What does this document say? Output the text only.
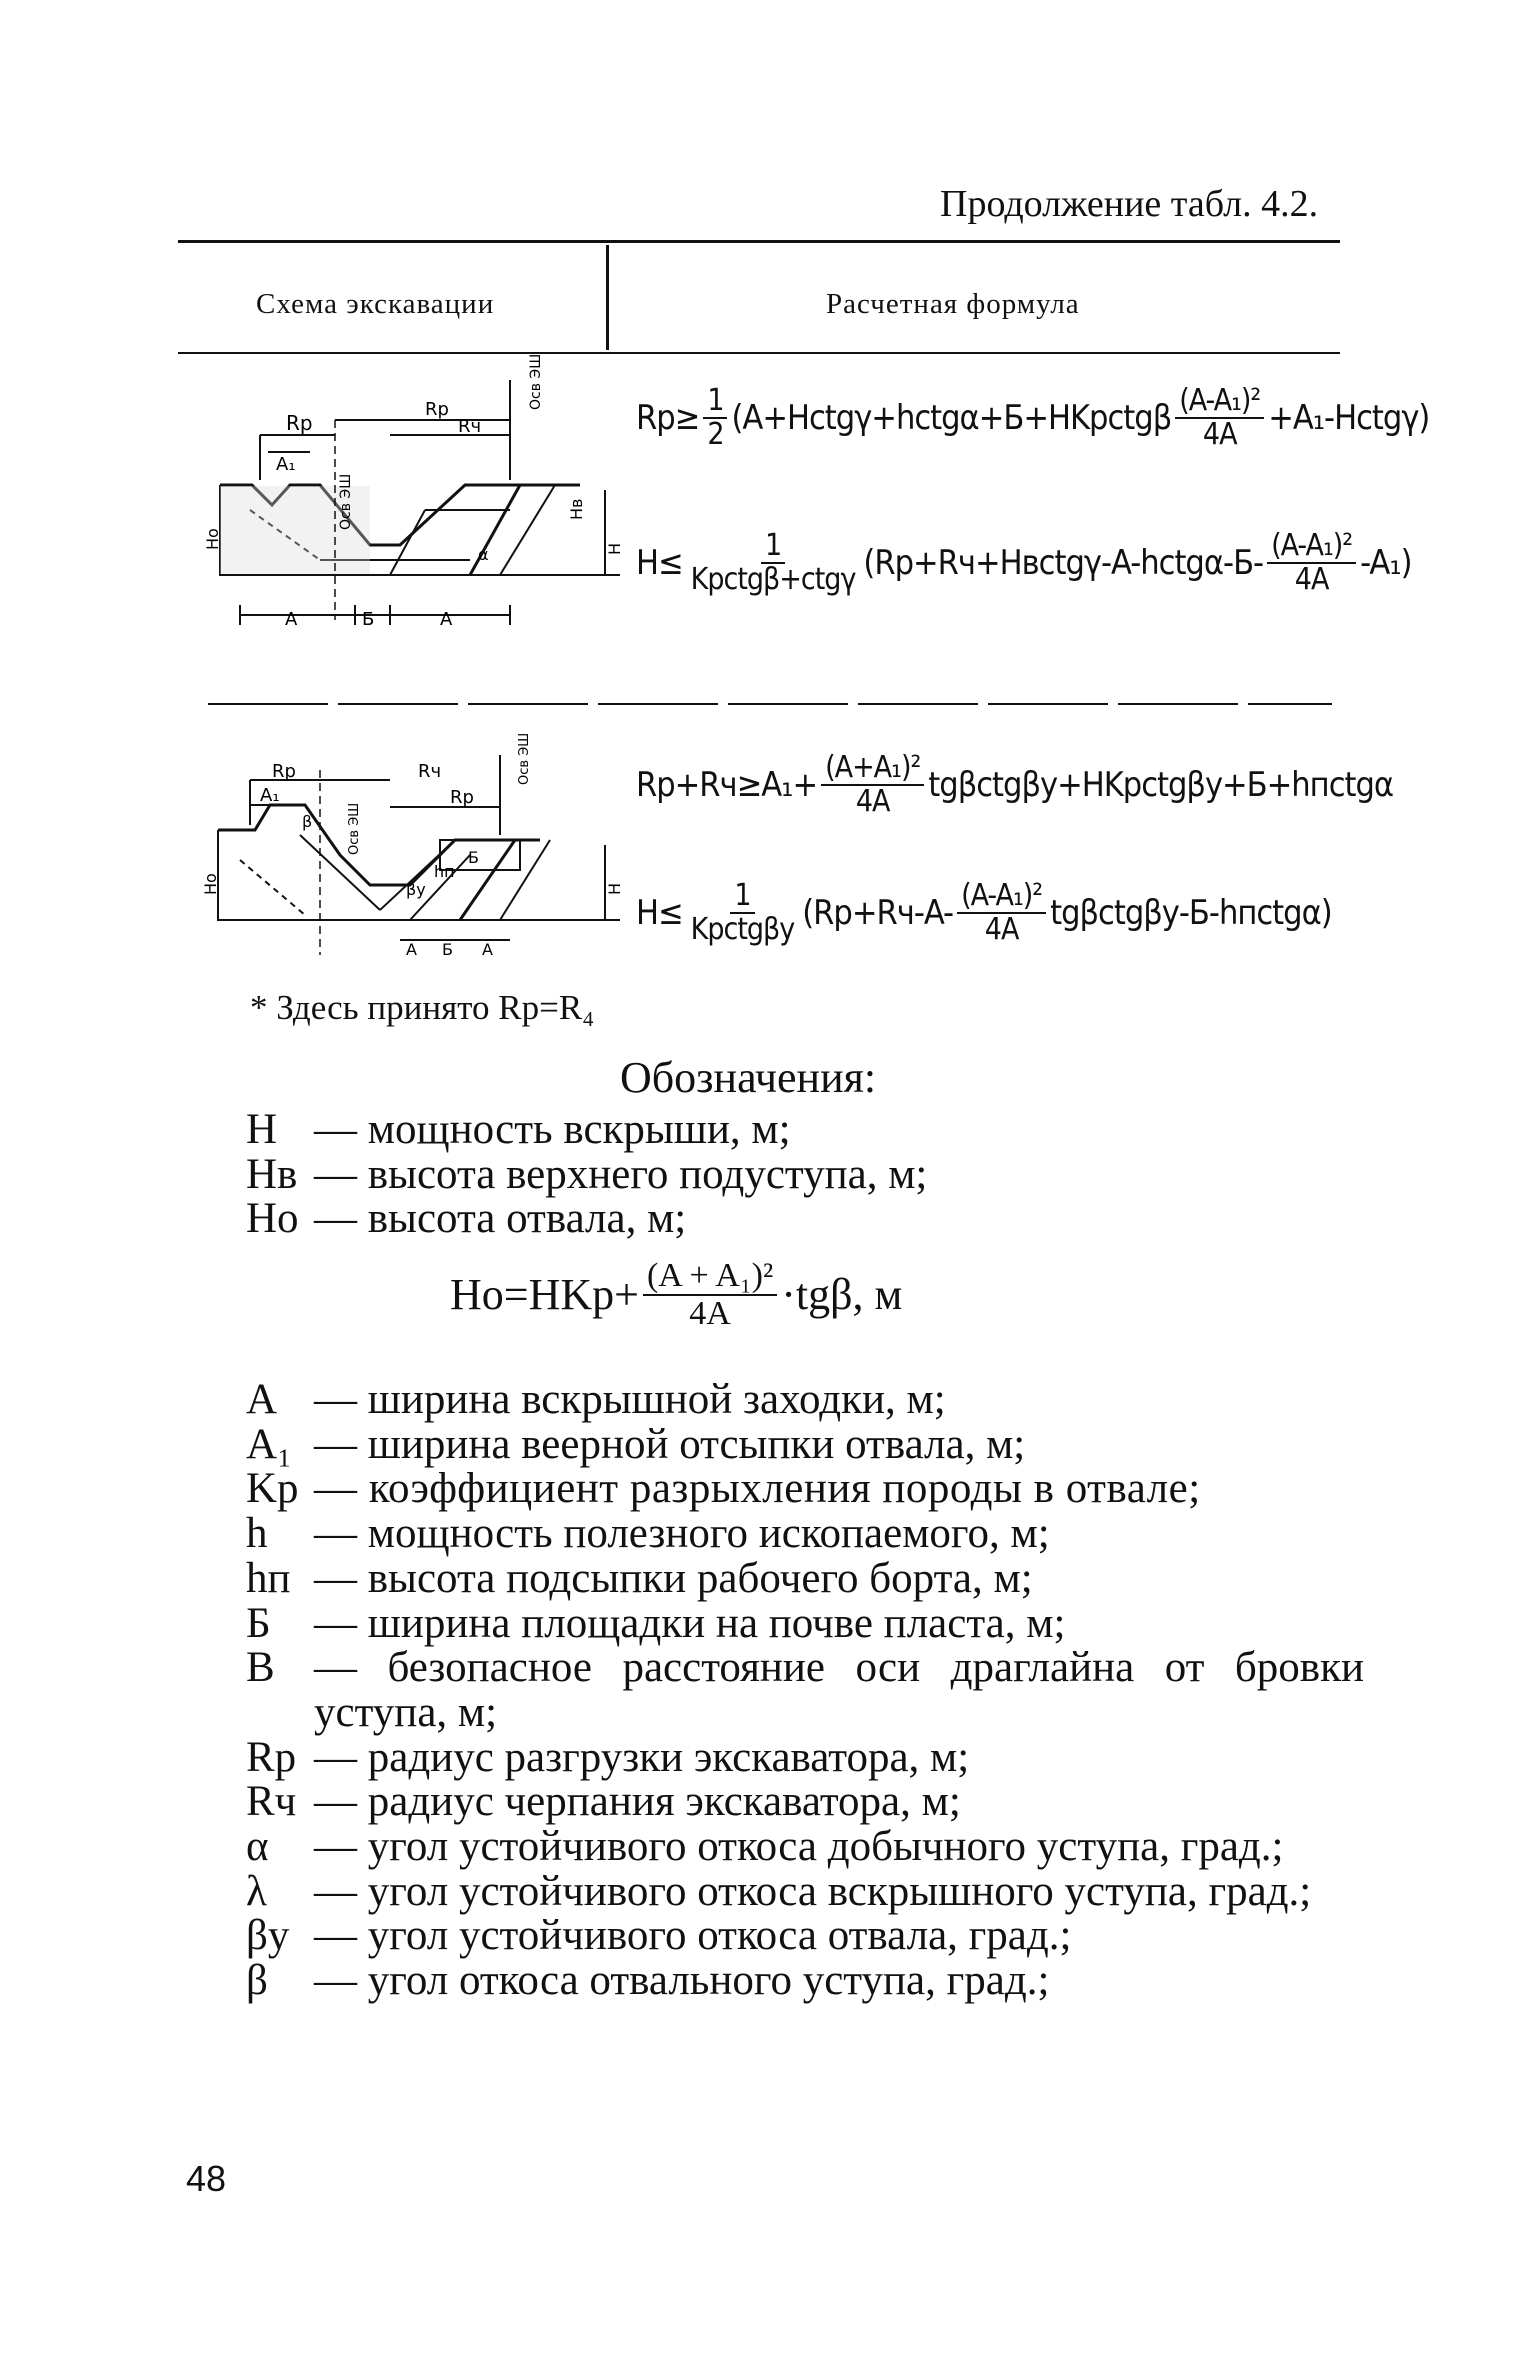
Продолжение табл. 4.2.
Схема экскавации	Расчетная формула
Rp
Rp
Rч
A₁
A	Б	A
α
Нв
H
Hо
Осв ЭШ
Осв ЭШ
$Rр\ge \frac{1}{2}$ (A+Hctgγ+hctgα+Б+HKpctgβ $\frac{\text{(A-A₁)²}}{4A}$ +A₁-Hctgγ)
$H\le \frac{1}{\text{Kpctgβ+ctgγ}}$ (Rр+Rч+Hвctgγ-A-hctgα-Б- $\frac{\text{(A-A₁)²}}{4A} -A_1$)
Rp	Rч
Rp
A₁
β
hп
βу
Б
A Б A
H
Hо
Осв ЭШ
Осв ЭШ
$Rр+Rч\ge A_1+ \frac{\text{(A+A₁)²}}{4A}$ tgβctgβу+HKpctgβу+Б+hпctgα
$H\le \frac{1}{\text{Kpctgβу}} (Rр+Rч-A- \frac{\text{(A-A₁)²}}{4A}$ tgβctgβу-Б-hпctgα)
* Здесь принято Rр=R₄
Обозначения:
H — мощность вскрыши, м;
Hв — высота верхнего подуступа, м;
Hо — высота отвала, м;
$Hо=HKр+ \frac{\text{(A + A₁)²}}{4A} \cdot tg\beta$, м
A — ширина вскрышной заходки, м;
A₁ — ширина веерной отсыпки отвала, м;
Kр — коэффициент разрыхления породы в отвале;
h	— мощность полезного ископаемого, м;
hп — высота подсыпки рабочего борта, м;
Б	— ширина площадки на почве пласта, м;
B — безопасное расстояние оси драглайна от бровки уступа, м;
Rр — радиус разгрузки экскаватора, м;
Rч — радиус черпания экскаватора, м;
α	— угол устойчивого откоса добычного уступа, град.;
λ	— угол устойчивого откоса вскрышного уступа, град.;
βу — угол устойчивого откоса отвала, град.;
β	— угол откоса отвального уступа, град.;
48
